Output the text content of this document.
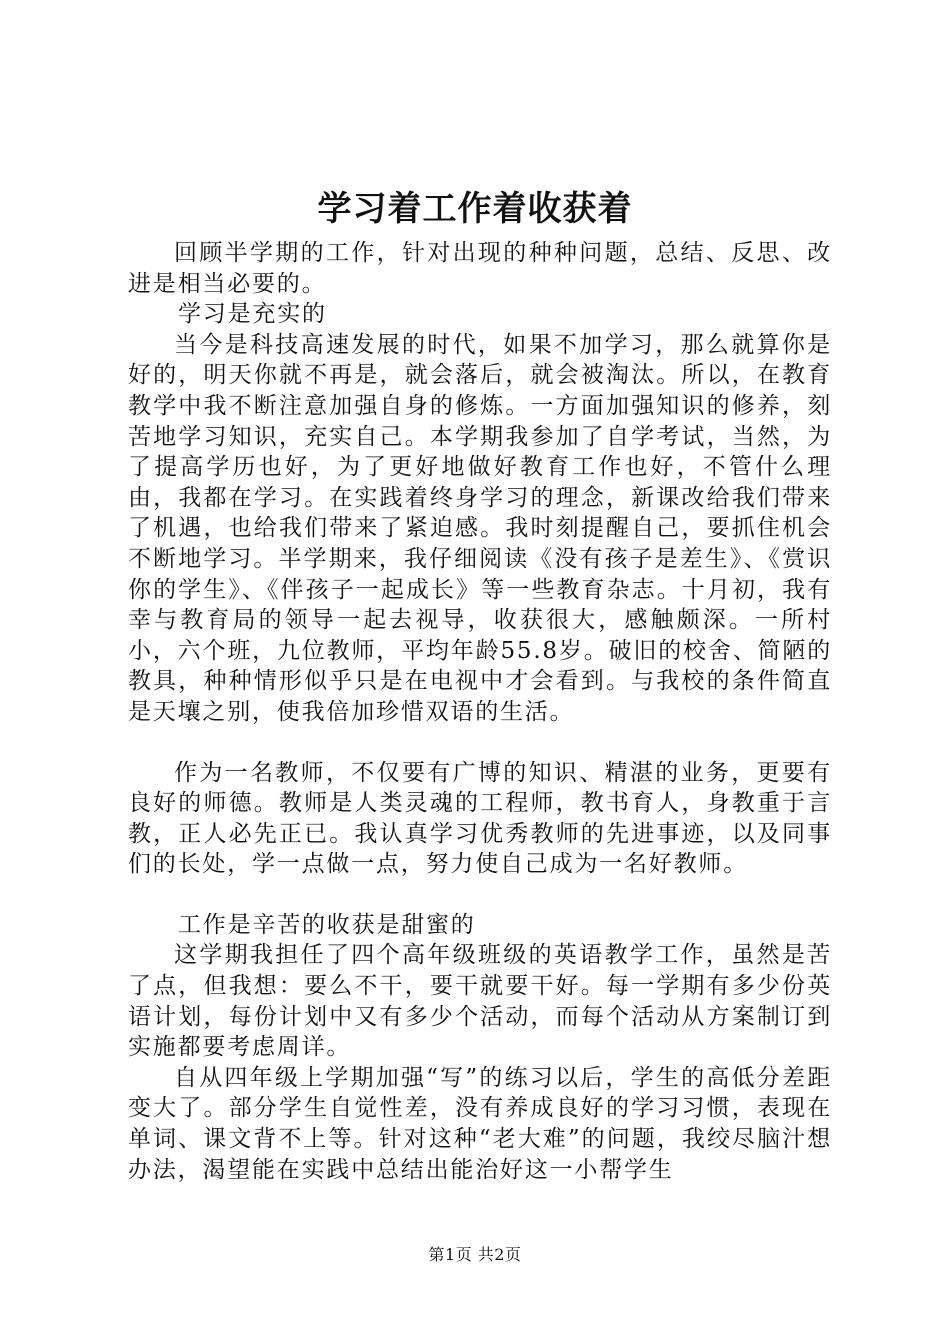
学习着工作着收获着

回顾半学期的工作，针对出现的种种问题，总结、反思、改进是相当必要的。

学习是充实的

当今是科技高速发展的时代，如果不加学习，那么就算你是好的，明天你就不再是，就会落后，就会被淘汰。所以，在教育教学中我不断注意加强自身的修炼。一方面加强知识的修养，刻苦地学习知识，充实自己。本学期我参加了自学考试，当然，为了提高学历也好，为了更好地做好教育工作也好，不管什么理由，我都在学习。在实践着终身学习的理念，新课改给我们带来了机遇，也给我们带来了紧迫感。我时刻提醒自己，要抓住机会不断地学习。半学期来，我仔细阅读《没有孩子是差生》、《赏识你的学生》、《伴孩子一起成长》等一些教育杂志。十月初，我有幸与教育局的领导一起去视导，收获很大，感触颇深。一所村小，六个班，九位教师，平均年龄55.8岁。破旧的校舍、简陋的教具，种种情形似乎只是在电视中才会看到。与我校的条件简直是天壤之别，使我倍加珍惜双语的生活。

作为一名教师，不仅要有广博的知识、精湛的业务，更要有良好的师德。教师是人类灵魂的工程师，教书育人，身教重于言教，正人必先正已。我认真学习优秀教师的先进事迹，以及同事们的长处，学一点做一点，努力使自己成为一名好教师。

工作是辛苦的收获是甜蜜的

这学期我担任了四个高年级班级的英语教学工作，虽然是苦了点，但我想：要么不干，要干就要干好。每一学期有多少份英语计划，每份计划中又有多少个活动，而每个活动从方案制订到实施都要考虑周详。

自从四年级上学期加强“写”的练习以后，学生的高低分差距变大了。部分学生自觉性差，没有养成良好的学习习惯，表现在单词、课文背不上等。针对这种“老大难”的问题，我绞尽脑汁想办法，渴望能在实践中总结出能治好这一小帮学生

第1页 共2页
